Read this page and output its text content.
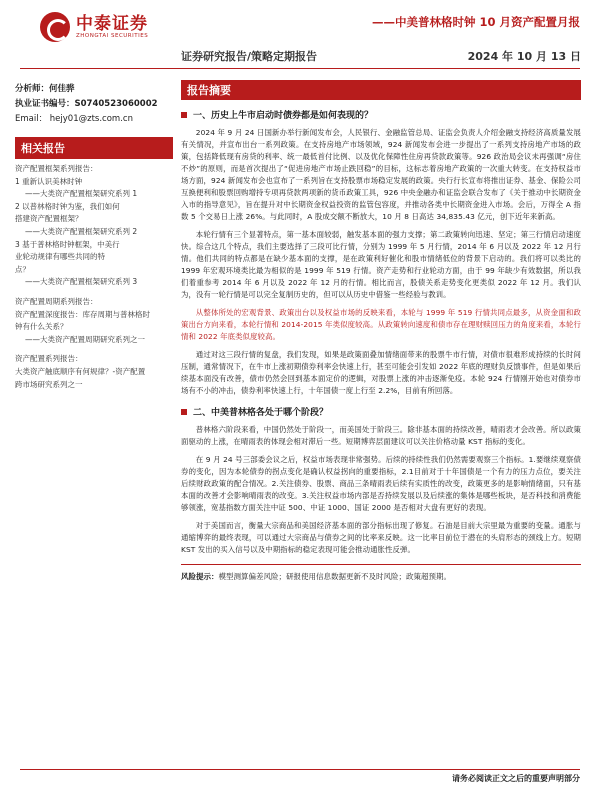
中泰证券
ZHONGTAI SECURITIES
——中美普林格时钟 10 月资产配置月报
证券研究报告/策略定期报告	2024 年 10 月 13 日
分析师：何佳骅
执业证书编号：S0740523060002
Email： hejy01@zts.com.cn
相关报告
资产配置框架系列报告：
1 重新认识美林时钟
——大类资产配置框架研究系列 1
2 以普林格时钟为鉴，我们如何
搭建资产配置框架？
——大类资产配置框架研究系列 2
3 基于普林格时钟框架，中美行
业轮动规律有哪些共同的特
点？
——大类资产配置框架研究系列 3
资产配置周期系列报告：
资产配置深度报告：库存周期与普林格时
钟有什么关系？
——大类资产配置周期研究系列之一
资产配置系列报告：
大类资产触底顺序有何规律？-资产配置
跨市场研究系列之一
报告摘要
一、历史上牛市启动时债券都是如何表现的？

2024 年 9 月 24 日国新办举行新闻发布会，人民银行、金融监管总局、证监会负责人介绍金融支持经济高质量发展有关情况，并宣布出台一系列政策。在支持房地产市场领域，924 新闻发布会进一步提出了一系列支持房地产市场的政策，包括降低现有房贷的利率、统一最低首付比例、以及优化保障性住房再贷款政策等。926 政治局会议未再强调“房住不炒”的原则，而是首次提出了“促进房地产市场止跌回稳”的目标，这标志着房地产政策的一次重大转变。在支持权益市场方面，924 新闻发布会也宣布了一系列旨在支持股票市场稳定发展的政策。央行行长宣布将推出证券、基金、保险公司互换便利和股票回购增持专项再贷款两项新的货币政策工具，926 中央金融办和证监会联合发布了《关于推动中长期资金入市的指导意见》，旨在提升对中长期资金权益投资的监管包容度，并推动各类中长期资金进入市场。会后，万得全 A 指数 5 个交易日上涨 26%。与此同时，A 股成交额不断放大，10 月 8 日高达 34,835.43 亿元，创下近年来新高。

本轮行情有三个显著特点，第一基本面较弱，触发基本面的强力支撑；第二政策转向迅速、坚定；第三行情启动速度快。综合这几个特点，我们主要选择了三段可比行情，分别为 1999 年 5 月行情，2014 年 6 月以及 2022 年 12 月行情。他们共同的特点都是在缺少基本面的支撑，是在政策利好催化和股市情绪低位的背景下启动的。我们将可以类比的 1999 年宏观环境类比最为相似的是 1999 年 519 行情。资产走势和行业轮动方面，由于 99 年缺少有效数据，所以我们着重参考 2014 年 6 月以及 2022 年 12 月的行情。相比而言，股债关系走势变化更类似 2022 年 12 月。我们认为，没有一轮行情是可以完全复制历史的，但可以从历史中借鉴一些经验与教训。

从整体所处的宏观背景、政策出台以及权益市场的反映来看，本轮与 1999 年 519 行情共同点最多，从资金面和政策出台方向来看，本轮行情和 2014-2015 年类似度较高。从政策转向速度和债市存在理财赎回压力的角度来看，本轮行情和 2022 年底类似度较高。

通过对这三段行情的复盘，我们发现，如果是政策面叠加情绪面带来的股票牛市行情，对债市很难形成持续的长时间压制，通常情况下，在牛市上涨初期债券利率会快速上行，甚至可能会引发如 2022 年底的理财负反馈事件，但是如果后续基本面没有改善，债市仍然会回到基本面定价的逻辑，对股票上涨的冲击逐渐免疫。本轮 924 行情刚开始也对债券市场有不小的冲击，债券利率快速上行，十年国债一度上行至 2.2%，目前有所回落。

二、中美普林格各处于哪个阶段？

普林格六阶段来看，中国仍然处于阶段一，而美国处于阶段三。除非基本面的持续改善，晴雨表才会改善。所以政策面驱动的上涨，在晴雨表的体现会相对滞后一些。短期博弈层面建议可以关注价格动量 KST 指标的变化。

在 9 月 24 号三部委会议之后，权益市场表现非常强势。后续的持续性我们仍然需要观察三个指标。1.要继续观察债券的变化，因为本轮债券的拐点变化是确认权益拐向的重要指标，2.1目前对于十年国债是一个有力的压力点位，要关注后续财政政策的配合情况。2.关注债券、股票、商品三条晴雨表后续有实质性的改变，政策更多的是影响情绪面，只有基本面的改善才会影响晴雨表的改变。3.关注权益市场内部是否持续发展以及后续涨的集体是哪些板块，是否科技和消费能够领涨，宽基指数方面关注中证 500、中证 1000、国证 2000 是否相对大盘有更好的表现。

对于美国而言，衡量大宗商品和美国经济基本面的部分指标出现了修复。石油是目前大宗里最为重要的变量。通胀与通缩博弈的最终表现，可以通过大宗商品与债券之间的比率来反映。这一比率目前位于潜在的头肩形态的颈线上方。短期 KST 发出的买入信号以及中期指标的稳定表现可能会推动通胀性反弹。

风险提示：模型测算偏差风险；研报使用信息数据更新不及时风险；政策超预期。
请务必阅读正文之后的重要声明部分
